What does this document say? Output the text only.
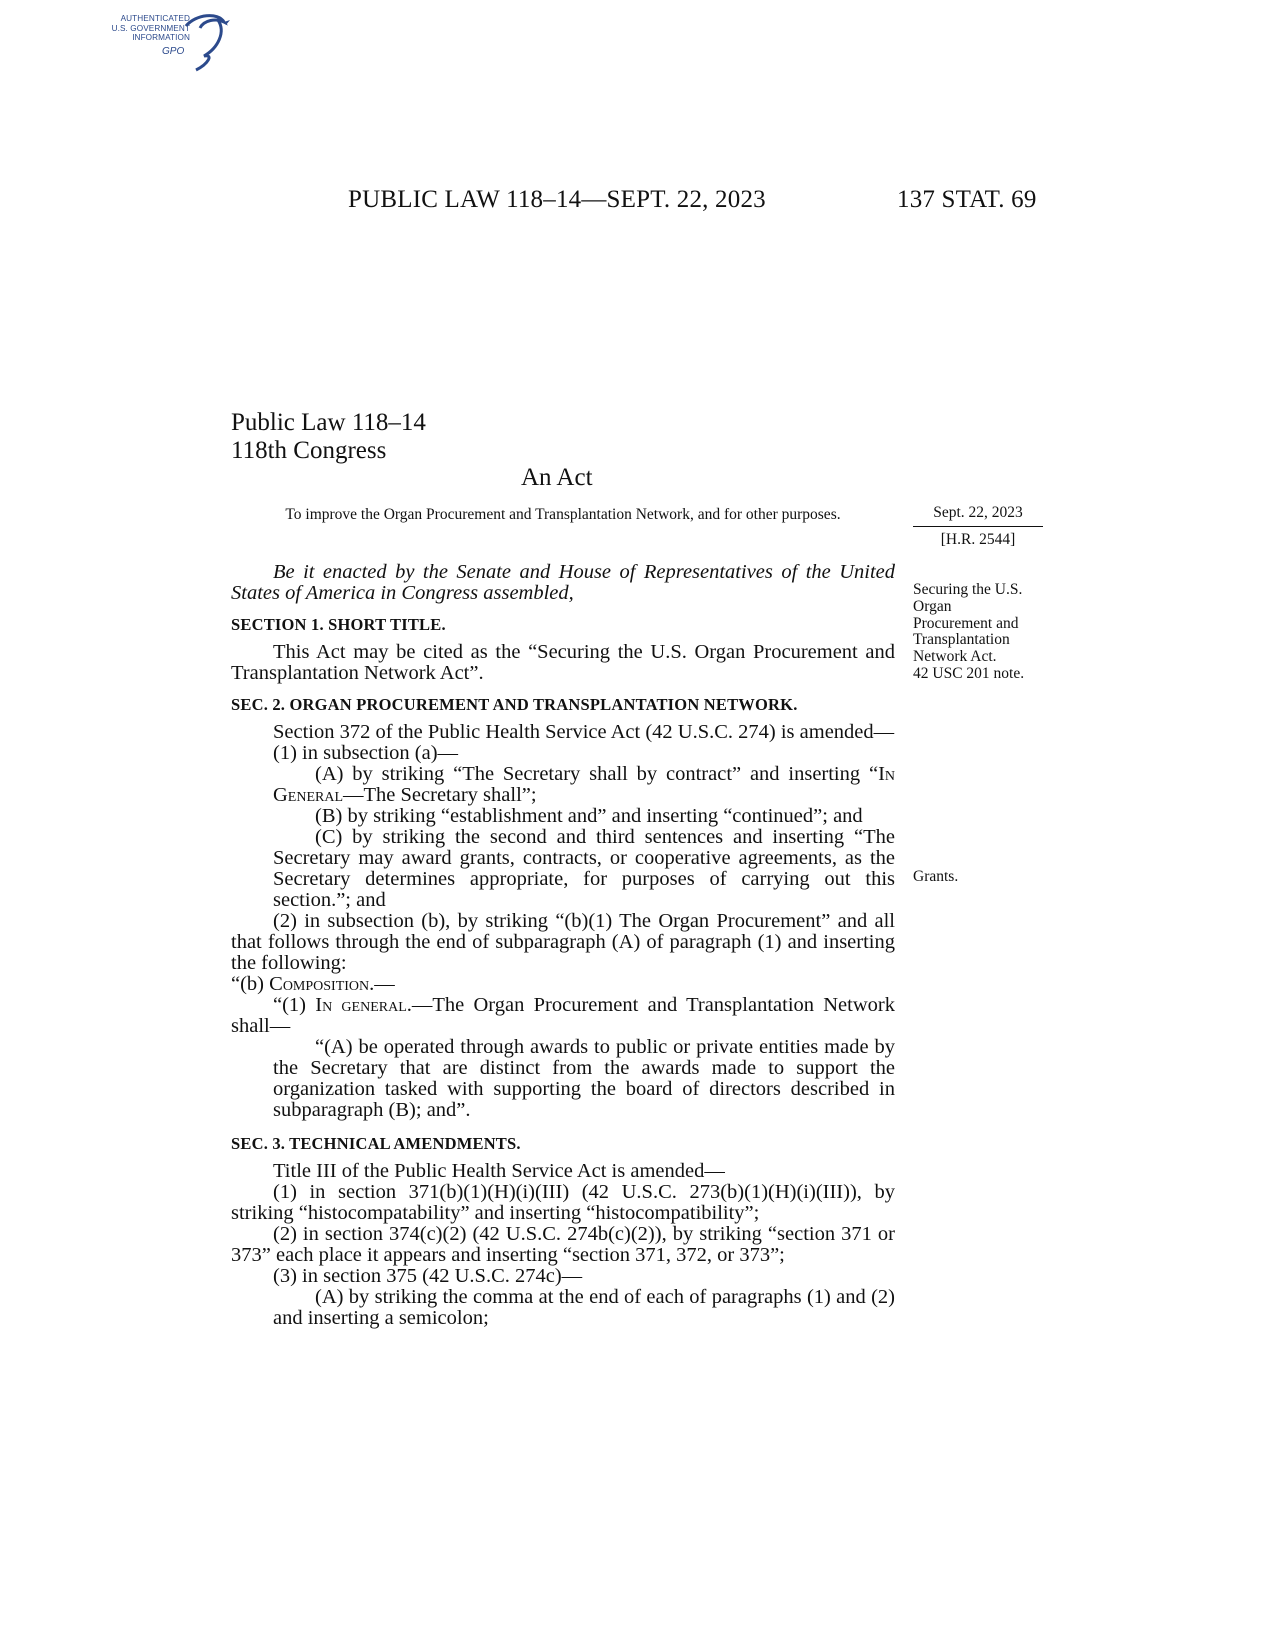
AUTHENTICATED
U.S. GOVERNMENT
INFORMATION
GPO
PUBLIC LAW 118–14—SEPT. 22, 2023	137 STAT. 69
Public Law 118–14
118th Congress
An Act
To improve the Organ Procurement and Transplantation Network, and for other purposes.	Sept. 22, 2023
[H.R. 2544]
Securing the U.S.
Organ
Procurement and
Transplantation
Network Act.
42 USC 201 note.
Grants.

Be it enacted by the Senate and House of Representatives of the United States of America in Congress assembled,

SECTION 1. SHORT TITLE.

This Act may be cited as the “Securing the U.S. Organ Procurement and Transplantation Network Act”.

SEC. 2. ORGAN PROCUREMENT AND TRANSPLANTATION NETWORK.

Section 372 of the Public Health Service Act (42 U.S.C. 274) is amended—

(1) in subsection (a)—

(A) by striking “The Secretary shall by contract” and inserting “In General—The Secretary shall”;

(B) by striking “establishment and” and inserting “continued”; and

(C) by striking the second and third sentences and inserting “The Secretary may award grants, contracts, or cooperative agreements, as the Secretary determines appropriate, for purposes of carrying out this section.”; and

(2) in subsection (b), by striking “(b)(1) The Organ Procurement” and all that follows through the end of subparagraph (A) of paragraph (1) and inserting the following:

“(b) Composition.—

“(1) In general.—The Organ Procurement and Transplantation Network shall—

“(A) be operated through awards to public or private entities made by the Secretary that are distinct from the awards made to support the organization tasked with supporting the board of directors described in subparagraph (B); and”.

SEC. 3. TECHNICAL AMENDMENTS.

Title III of the Public Health Service Act is amended—

(1) in section 371(b)(1)(H)(i)(III) (42 U.S.C. 273(b)(1)(H)(i)(III)), by striking “histocompatability” and inserting “histocompatibility”;

(2) in section 374(c)(2) (42 U.S.C. 274b(c)(2)), by striking “section 371 or 373” each place it appears and inserting “section 371, 372, or 373”;

(3) in section 375 (42 U.S.C. 274c)—

(A) by striking the comma at the end of each of paragraphs (1) and (2) and inserting a semicolon;
